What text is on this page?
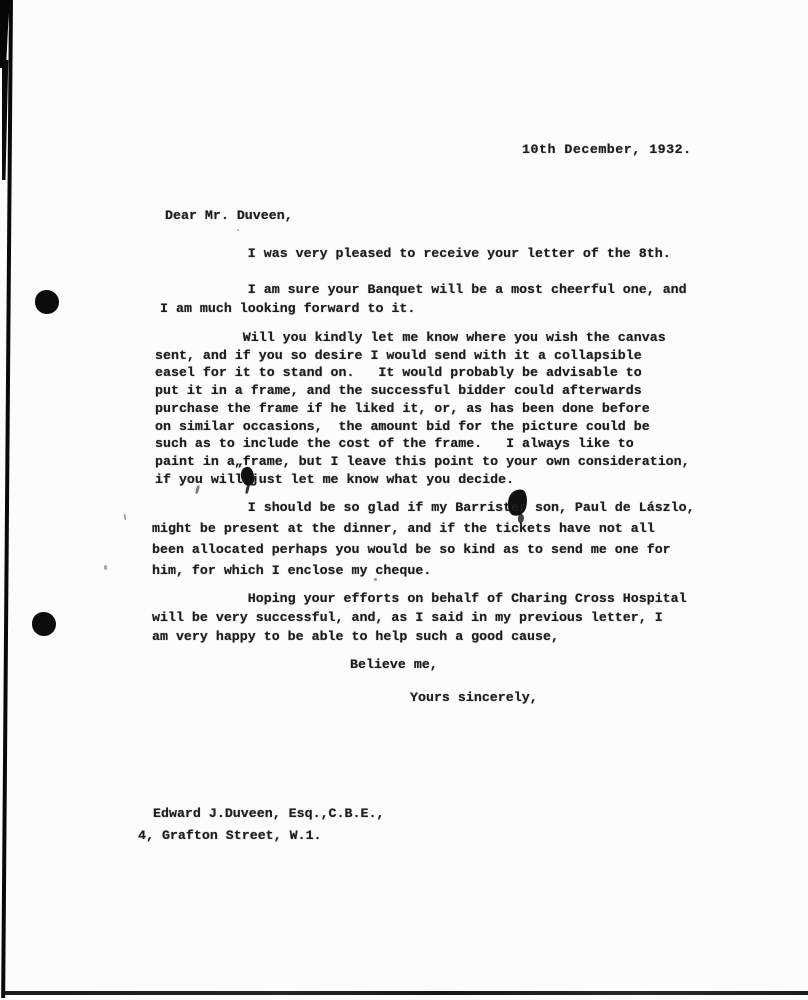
10th December, 1932.
Dear Mr. Duveen,
I was very pleased to receive your letter of the 8th.
I am sure your Banquet will be a most cheerful one, and
I am much looking forward to it.
Will you kindly let me know where you wish the canvas
sent, and if you so desire I would send with it a collapsible
easel for it to stand on.   It would probably be advisable to
put it in a frame, and the successful bidder could afterwards
purchase the frame if he liked it, or, as has been done before
on similar occasions,  the amount bid for the picture could be
such as to include the cost of the frame.   I always like to
paint in a„frame, but I leave this point to your own consideration,
if you will just let me know what you decide.
I should be so glad if my Barrister son, Paul de Lászlo,
might be present at the dinner, and if the tickets have not all
been allocated perhaps you would be so kind as to send me one for
him, for which I enclose my cheque.
Hoping your efforts on behalf of Charing Cross Hospital
will be very successful, and, as I said in my previous letter, I
am very happy to be able to help such a good cause,
Believe me,
Yours sincerely,
Edward J.Duveen, Esq.,C.B.E.,
4, Grafton Street, W.1.
